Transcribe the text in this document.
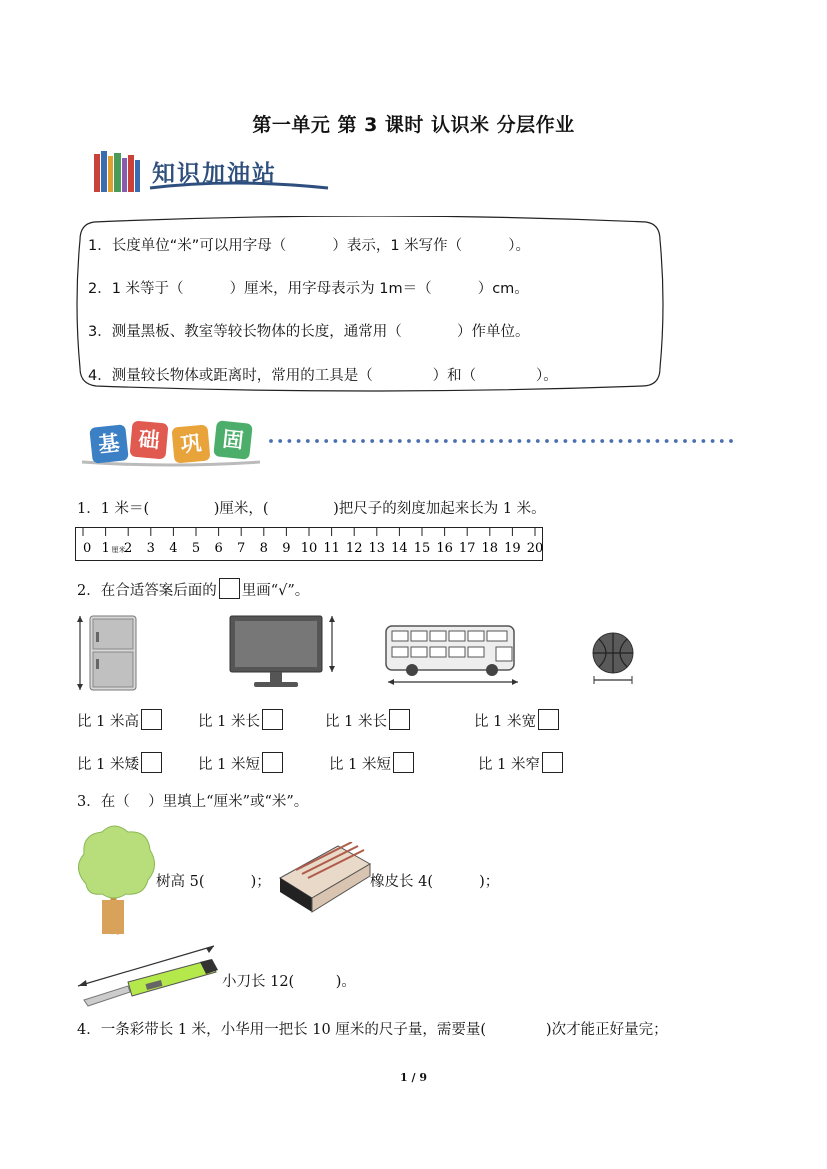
第一单元 第 3 课时 认识米 分层作业
知识加油站
1．长度单位“米”可以用字母（          ）表示，1 米写作（          ）。
2．1 米等于（          ）厘米，用字母表示为 1m＝（          ）cm。
3．测量黑板、教室等较长物体的长度，通常用（            ）作单位。
4．测量较长物体或距离时，常用的工具是（             ）和（             ）。
基 础 巩 固
1．1 米＝(              )厘米，(              )把尺子的刻度加起来长为 1 米。
0 1 厘米
2 3 4 5 6 7 8 9 10 11 12 13 14 15 16 17 18 19 20
2．在合适答案后面的 里画“√”。
比 1 米高	比 1 米长	比 1 米长	比 1 米宽
比 1 米矮	比 1 米短	比 1 米短	比 1 米窄
3．在（    ）里填上“厘米”或“米”。
树高 5(          )；	橡皮长 4(          )；
小刀长 12(         )。
4．一条彩带长 1 米，小华用一把长 10 厘米的尺子量，需要量(             )次才能正好量完；
1 / 9
